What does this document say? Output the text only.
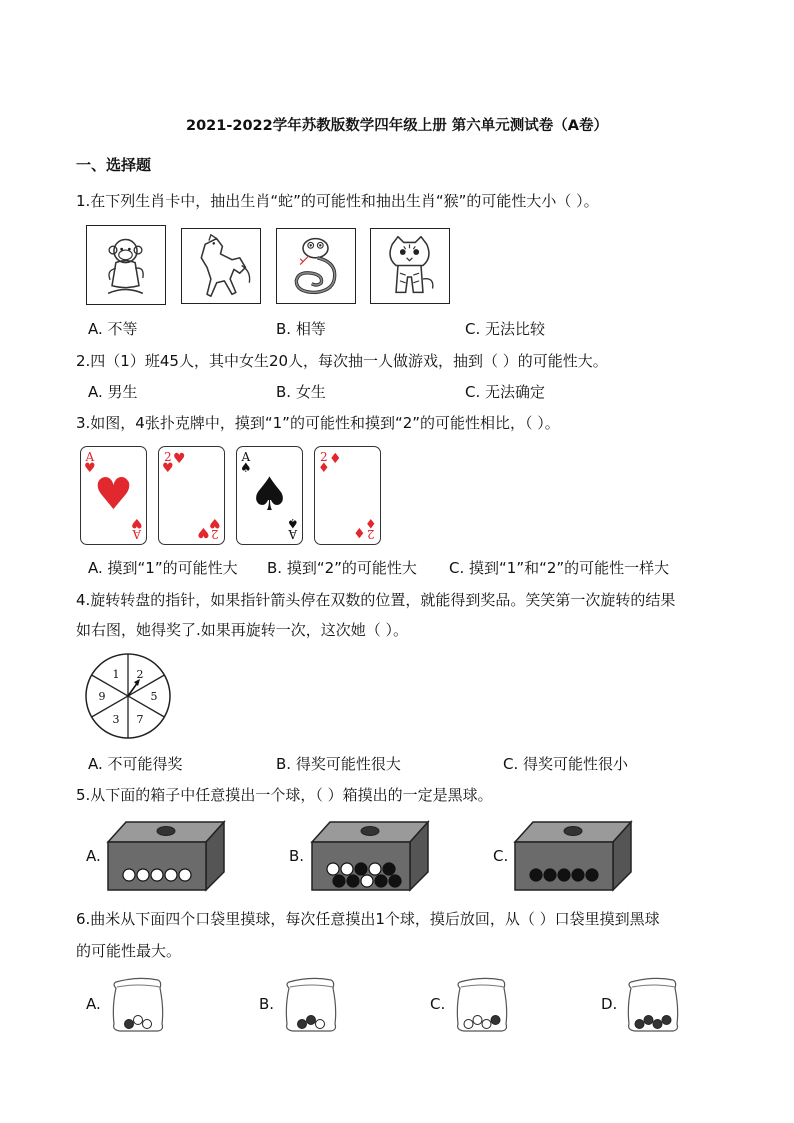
2021-2022学年苏教版数学四年级上册 第六单元测试卷（A卷）
一、选择题
1.在下列生肖卡中，抽出生肖“蛇”的可能性和抽出生肖“猴”的可能性大小（ ）。
A. 不等	B. 相等	C. 无法比较
2.四（1）班45人，其中女生20人，每次抽一人做游戏，抽到（ ）的可能性大。
A. 男生	B. 女生	C. 无法确定
3.如图，4张扑克牌中，摸到“1”的可能性和摸到“2”的可能性相比，（ ）。
A
♥
♥
A
♥
2
♥
♥
♥ 2
♥
A
♠
♠
A
♠
2
♦
♦
♦ 2
♦
A. 摸到“1”的可能性大 B. 摸到“2”的可能性大 C. 摸到“1”和“2”的可能性一样大
4.旋转转盘的指针，如果指针箭头停在双数的位置，就能得到奖品。笑笑第一次旋转的结果
如右图，她得奖了.如果再旋转一次，这次她（ ）。
1 2
5
7
3
9
A. 不可能得奖	B. 得奖可能性很大	C. 得奖可能性很小
5.从下面的箱子中任意摸出一个球，（ ）箱摸出的一定是黑球。
A.	B.	C.
6.曲米从下面四个口袋里摸球，每次任意摸出1个球，摸后放回，从（ ）口袋里摸到黑球
的可能性最大。
A.	B.	C.	D.
